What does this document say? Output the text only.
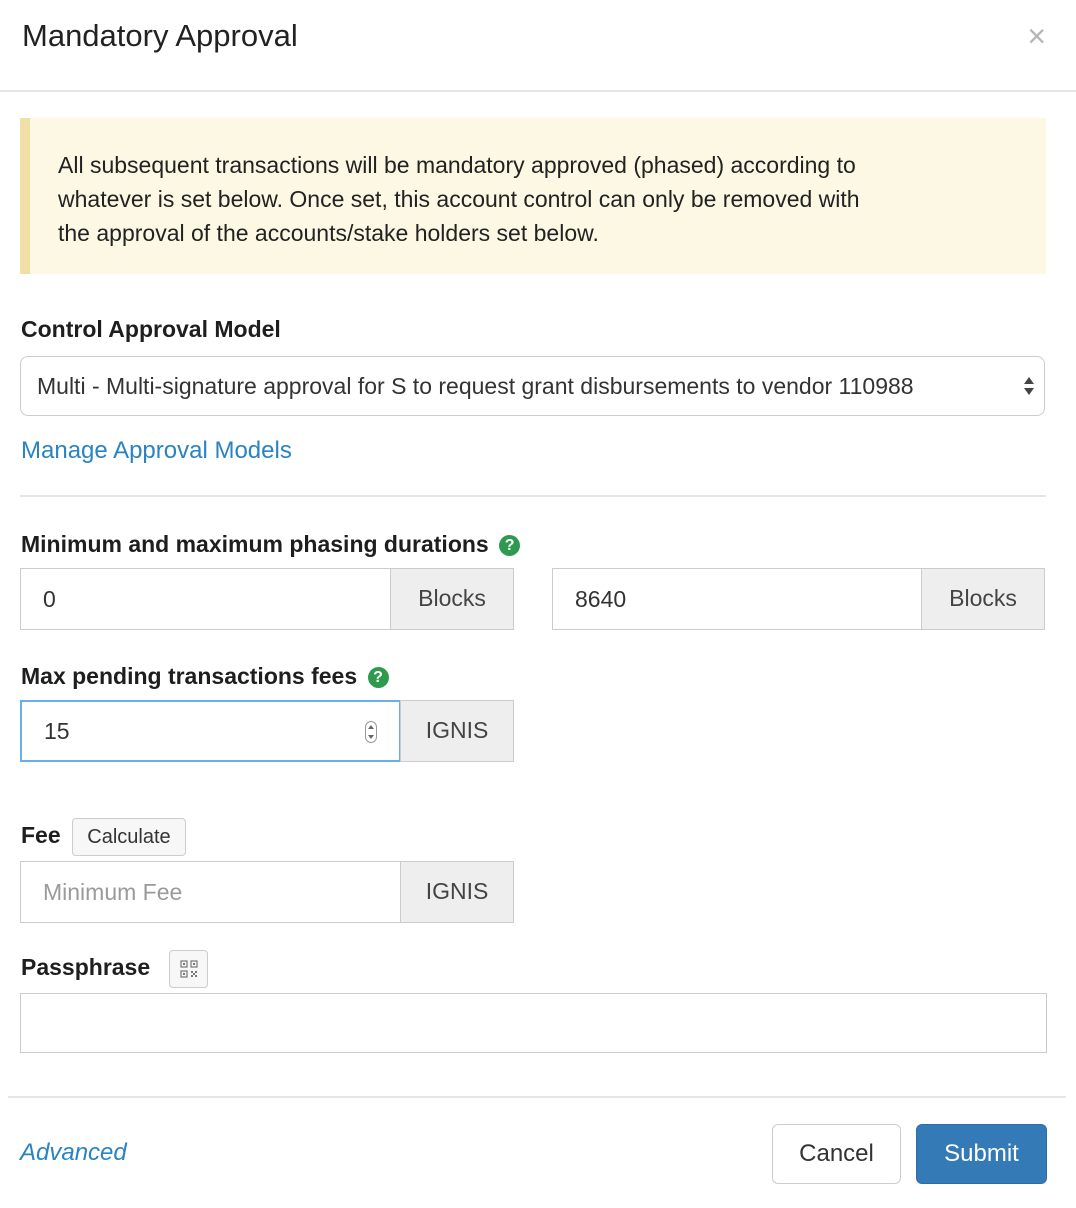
Mandatory Approval	×
All subsequent transactions will be mandatory approved (phased) according to
whatever is set below. Once set, this account control can only be removed with
the approval of the accounts/stake holders set below.
Control Approval Model
Multi - Multi-signature approval for S to request grant disbursements to vendor 110988
Manage Approval Models
Minimum and maximum phasing durations ?
0	Blocks	8640	Blocks
Max pending transactions fees ?
15	IGNIS
Fee	Calculate
Minimum Fee	IGNIS
Passphrase
Advanced	Cancel	Submit
